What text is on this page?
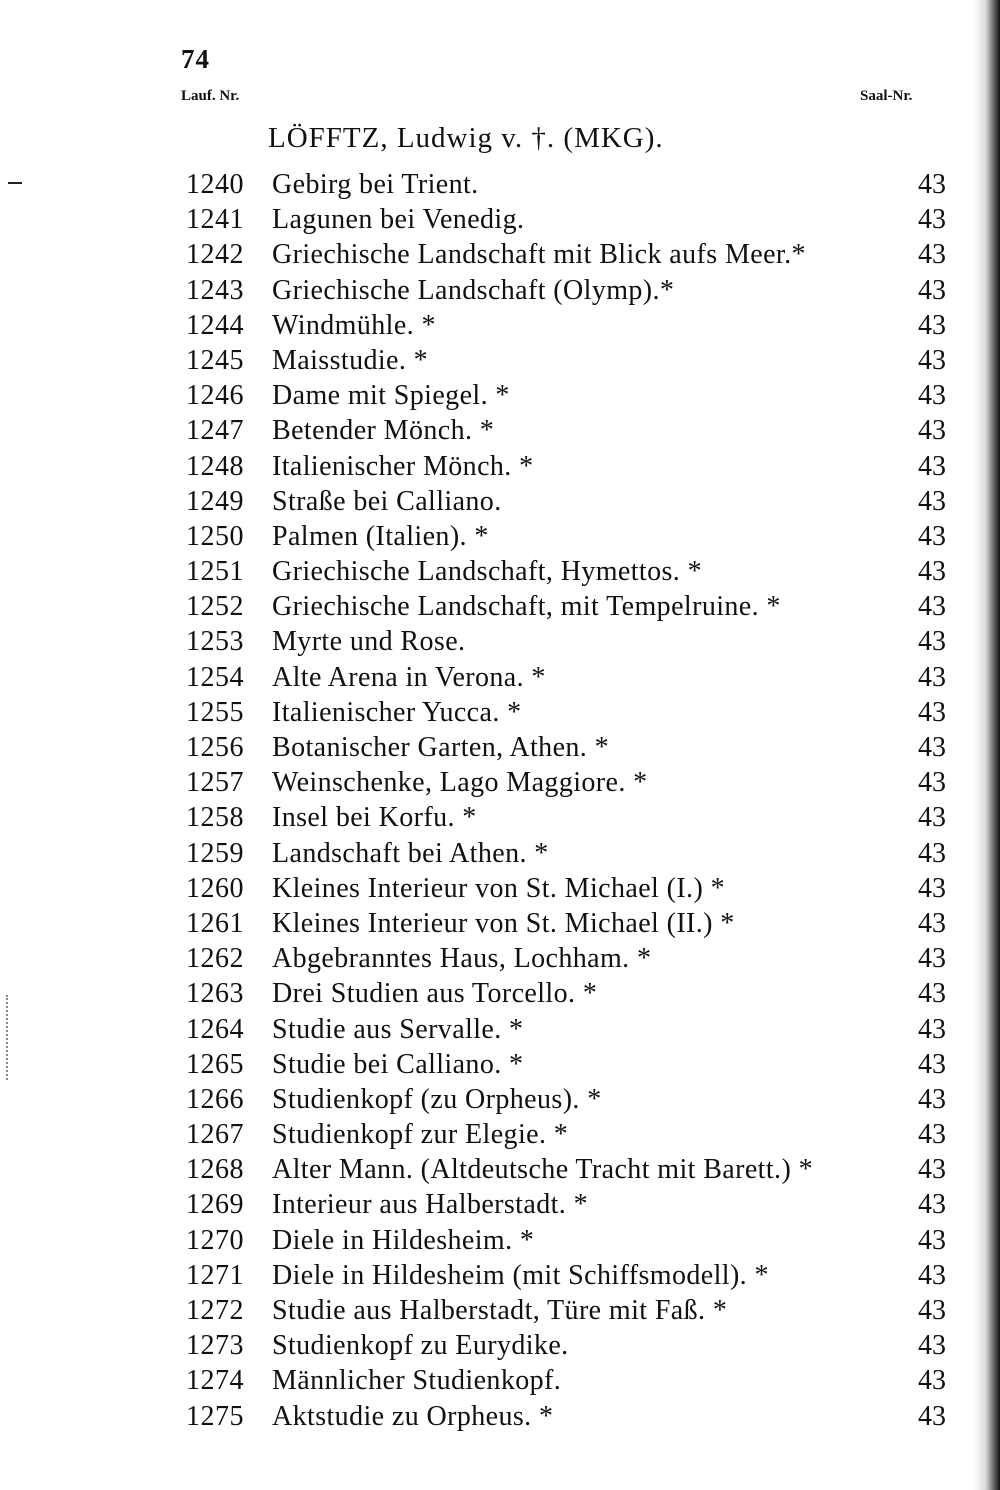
74
Lauf. Nr.	Saal-Nr.
LÖFFTZ, Ludwig v. †. (MKG).
1240 Gebirg bei Trient.	43
1241 Lagunen bei Venedig.	43
1242 Griechische Landschaft mit Blick aufs Meer.*	43
1243 Griechische Landschaft (Olymp).*	43
1244 Windmühle. *	43
1245 Maisstudie. *	43
1246 Dame mit Spiegel. *	43
1247 Betender Mönch. *	43
1248 Italienischer Mönch. *	43
1249 Straße bei Calliano.	43
1250 Palmen (Italien). *	43
1251 Griechische Landschaft, Hymettos. *	43
1252 Griechische Landschaft, mit Tempelruine. *	43
1253 Myrte und Rose.	43
1254 Alte Arena in Verona. *	43
1255 Italienischer Yucca. *	43
1256 Botanischer Garten, Athen. *	43
1257 Weinschenke, Lago Maggiore. *	43
1258 Insel bei Korfu. *	43
1259 Landschaft bei Athen. *	43
1260 Kleines Interieur von St. Michael (I.) *	43
1261 Kleines Interieur von St. Michael (II.) *	43
1262 Abgebranntes Haus, Lochham. *	43
1263 Drei Studien aus Torcello. *	43
1264 Studie aus Servalle. *	43
1265 Studie bei Calliano. *	43
1266 Studienkopf (zu Orpheus). *	43
1267 Studienkopf zur Elegie. *	43
1268 Alter Mann. (Altdeutsche Tracht mit Barett.) *	43
1269 Interieur aus Halberstadt. *	43
1270 Diele in Hildesheim. *	43
1271 Diele in Hildesheim (mit Schiffsmodell). *	43
1272 Studie aus Halberstadt, Türe mit Faß. *	43
1273 Studienkopf zu Eurydike.	43
1274 Männlicher Studienkopf.	43
1275 Aktstudie zu Orpheus. *	43
